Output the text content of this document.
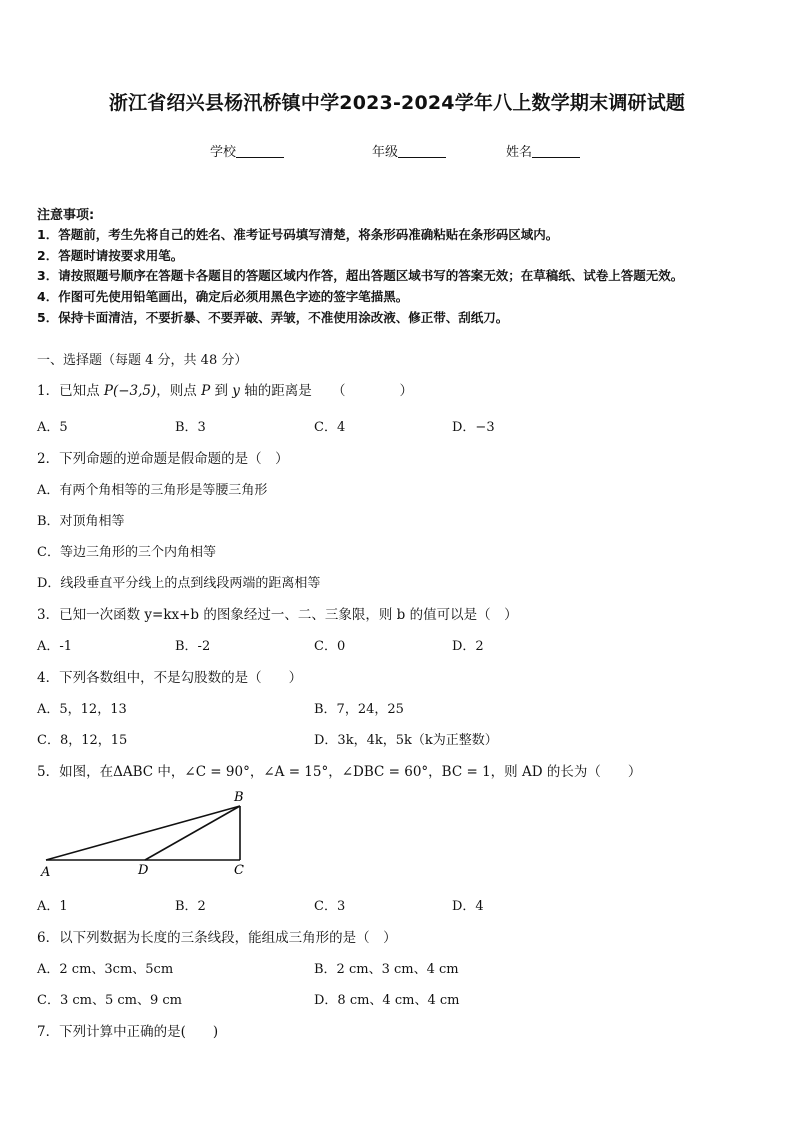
浙江省绍兴县杨汛桥镇中学2023-2024学年八上数学期末调研试题
学校	年级	姓名
注意事项:
1．答题前，考生先将自己的姓名、准考证号码填写清楚，将条形码准确粘贴在条形码区域内。
2．答题时请按要求用笔。
3．请按照题号顺序在答题卡各题目的答题区域内作答，超出答题区域书写的答案无效；在草稿纸、试卷上答题无效。
4．作图可先使用铅笔画出，确定后必须用黑色字迹的签字笔描黑。
5．保持卡面清洁，不要折暴、不要弄破、弄皱，不准使用涂改液、修正带、刮纸刀。
一、选择题（每题 4 分，共 48 分）
1．已知点 P(−3,5)，则点 P 到 y 轴的距离是　　（　　　　）
A．5	B．3	C．4	D．−3
2．下列命题的逆命题是假命题的是（　）
A．有两个角相等的三角形是等腰三角形
B．对顶角相等
C．等边三角形的三个内角相等
D．线段垂直平分线上的点到线段两端的距离相等
3．已知一次函数 y=kx+b 的图象经过一、二、三象限，则 b 的值可以是（　）
A．-1	B．-2	C．0	D．2
4．下列各数组中，不是勾股数的是（　　）
A．5，12，13	B．7，24，25
C．8，12，15	D．3k，4k，5k（k为正整数）
5．如图，在ΔABC 中，∠C = 90°，∠A = 15°，∠DBC = 60°，BC = 1，则 AD 的长为（　　）
A
B
C
D
A．1	B．2	C．3	D．4
6．以下列数据为长度的三条线段，能组成三角形的是（　）
A．2 cm、3cm、5cm	B．2 cm、3 cm、4 cm
C．3 cm、5 cm、9 cm	D．8 cm、4 cm、4 cm
7．下列计算中正确的是(　　)
